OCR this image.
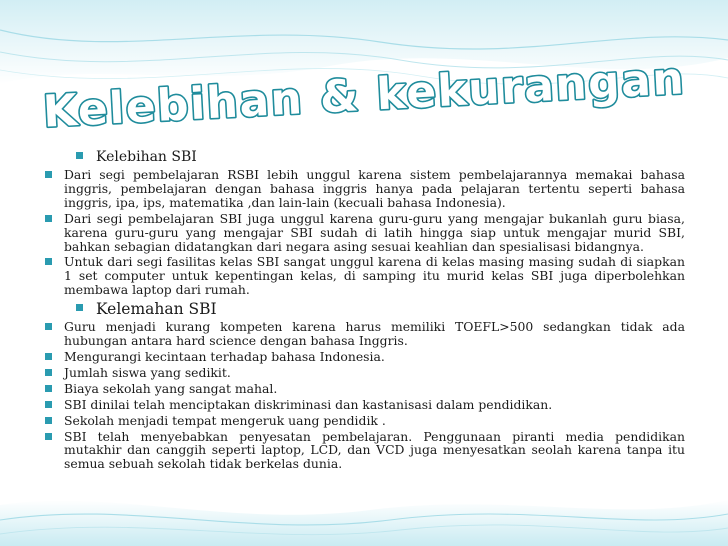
Kelebihan & kekurangan
Kelebihan SBI
Dari segi pembelajaran RSBI lebih unggul karena sistem pembelajarannya memakai bahasa inggris, pembelajaran dengan bahasa inggris hanya pada pelajaran tertentu seperti bahasa inggris, ipa, ips, matematika ,dan lain-lain (kecuali bahasa Indonesia).
Dari segi pembelajaran SBI juga unggul karena guru-guru yang mengajar bukanlah guru biasa, karena guru-guru yang mengajar SBI sudah di latih hingga siap untuk mengajar murid SBI, bahkan sebagian didatangkan dari negara asing sesuai keahlian dan spesialisasi bidangnya.
Untuk dari segi fasilitas kelas SBI sangat unggul karena di kelas masing masing sudah di siapkan 1 set computer untuk kepentingan kelas, di samping itu murid kelas SBI juga diperbolehkan membawa laptop dari rumah.
Kelemahan SBI
Guru menjadi kurang kompeten karena harus memiliki TOEFL>500 sedangkan tidak ada hubungan antara hard science dengan bahasa Inggris.
Mengurangi kecintaan terhadap bahasa Indonesia.
Jumlah siswa yang sedikit.
Biaya sekolah yang sangat mahal.
SBI dinilai telah menciptakan diskriminasi dan kastanisasi dalam pendidikan.
Sekolah menjadi tempat mengeruk uang pendidik .
SBI telah menyebabkan penyesatan pembelajaran. Penggunaan piranti media pendidikan mutakhir dan canggih seperti laptop, LCD, dan VCD juga menyesatkan seolah karena tanpa itu semua sebuah sekolah tidak berkelas dunia.
